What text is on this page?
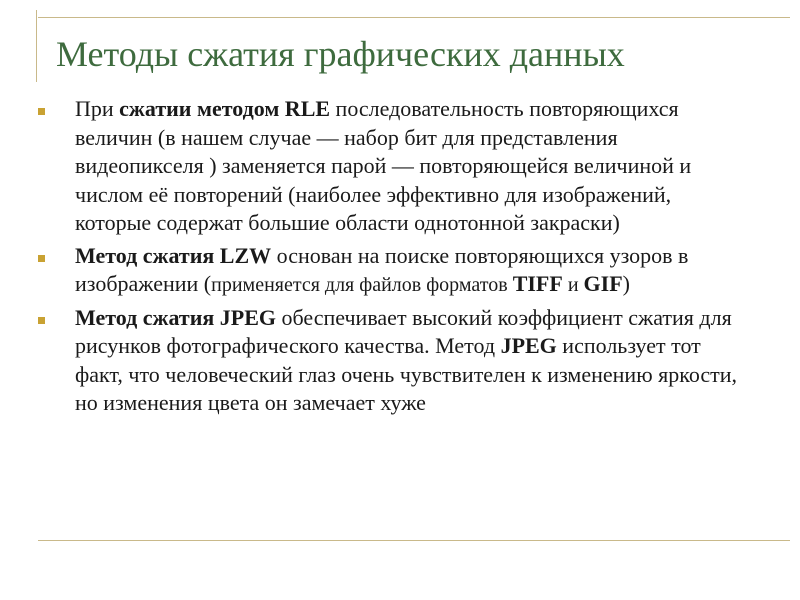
Методы сжатия графических данных
При сжатии методом RLE последовательность повторяющихся величин (в нашем случае — набор бит для представления видеопикселя ) заменяется парой — повторяющейся величиной и числом её повторений (наиболее эффективно для изображений, которые содержат большие области однотонной закраски)
Метод сжатия LZW основан на поиске повторяющихся узоров в изображении (применяется для файлов форматов TIFF и GIF)
Метод сжатия JPEG обеспечивает высокий коэффициент сжатия для рисунков фотографического качества. Метод JPEG использует тот факт, что человеческий глаз очень чувствителен к изменению яркости, но изменения цвета он замечает хуже
